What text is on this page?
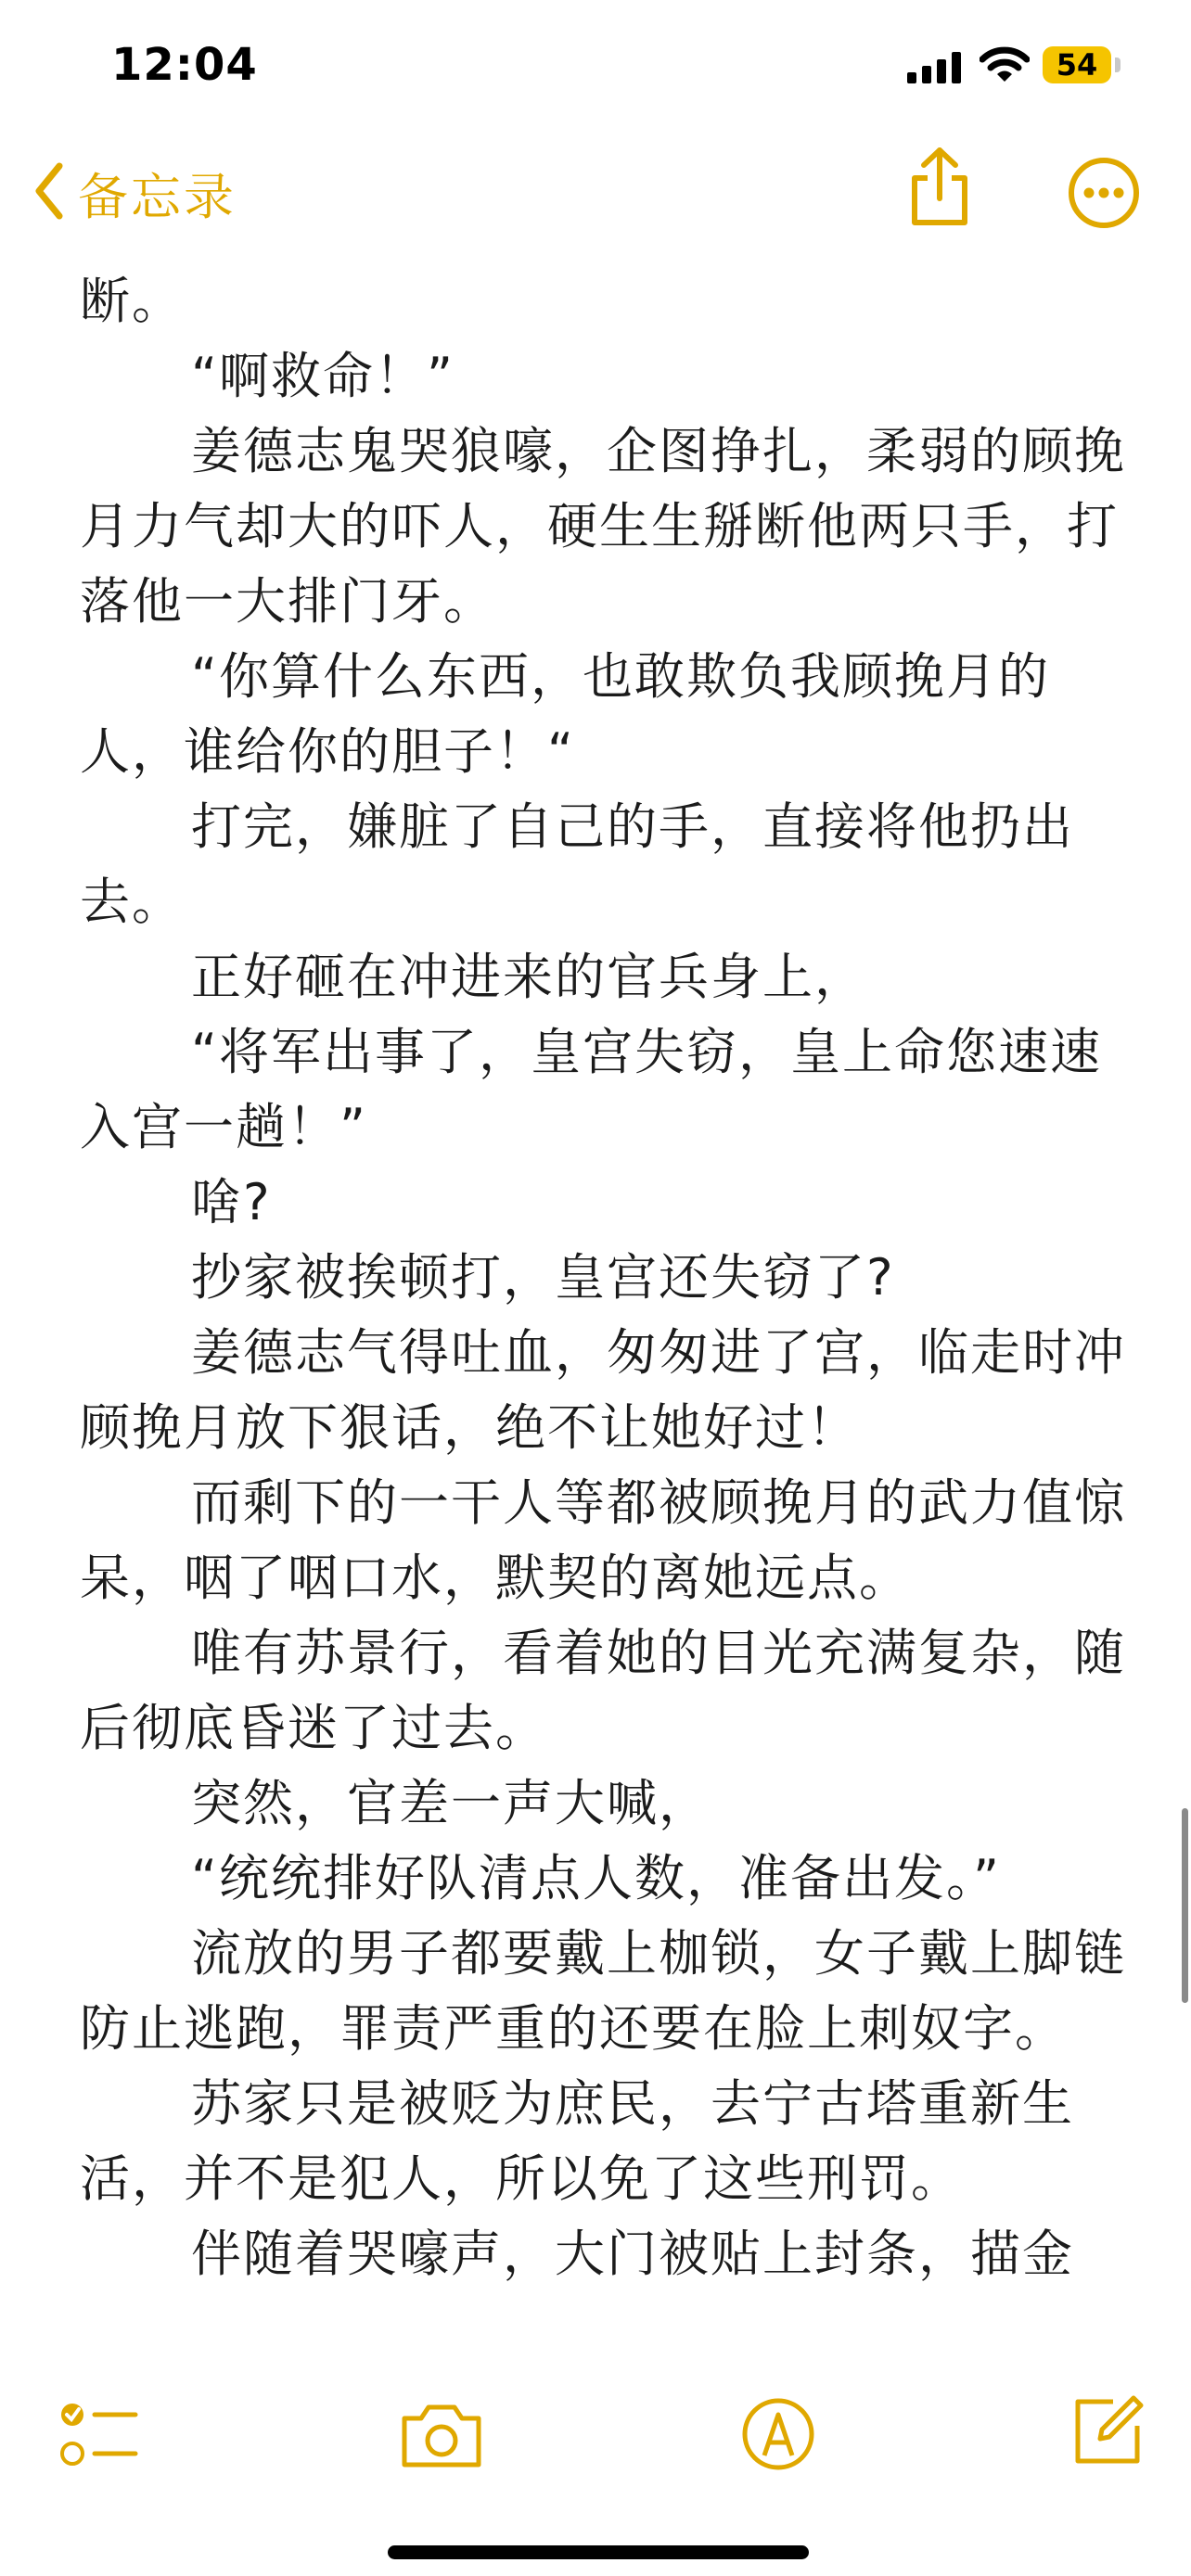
断。

“啊救命！”

姜德志鬼哭狼嚎，企图挣扎，柔弱的顾挽月力气却大的吓人，硬生生掰断他两只手，打落他一大排门牙。

“你算什么东西，也敢欺负我顾挽月的人，谁给你的胆子！“

打完，嫌脏了自己的手，直接将他扔出去。

正好砸在冲进来的官兵身上，

“将军出事了，皇宫失窃，皇上命您速速入宫一趟！”

啥?

抄家被挨顿打，皇宫还失窃了?

姜德志气得吐血，匆匆进了宫，临走时冲顾挽月放下狠话，绝不让她好过！

而剩下的一干人等都被顾挽月的武力值惊呆，咽了咽口水，默契的离她远点。

唯有苏景行，看着她的目光充满复杂，随后彻底昏迷了过去。

突然，官差一声大喊，

“统统排好队清点人数，准备出发。”

流放的男子都要戴上枷锁，女子戴上脚链防止逃跑，罪责严重的还要在脸上刺奴字。

苏家只是被贬为庶民，去宁古塔重新生活，并不是犯人，所以免了这些刑罚。

伴随着哭嚎声，大门被贴上封条，描金

12:04	54
备忘录
